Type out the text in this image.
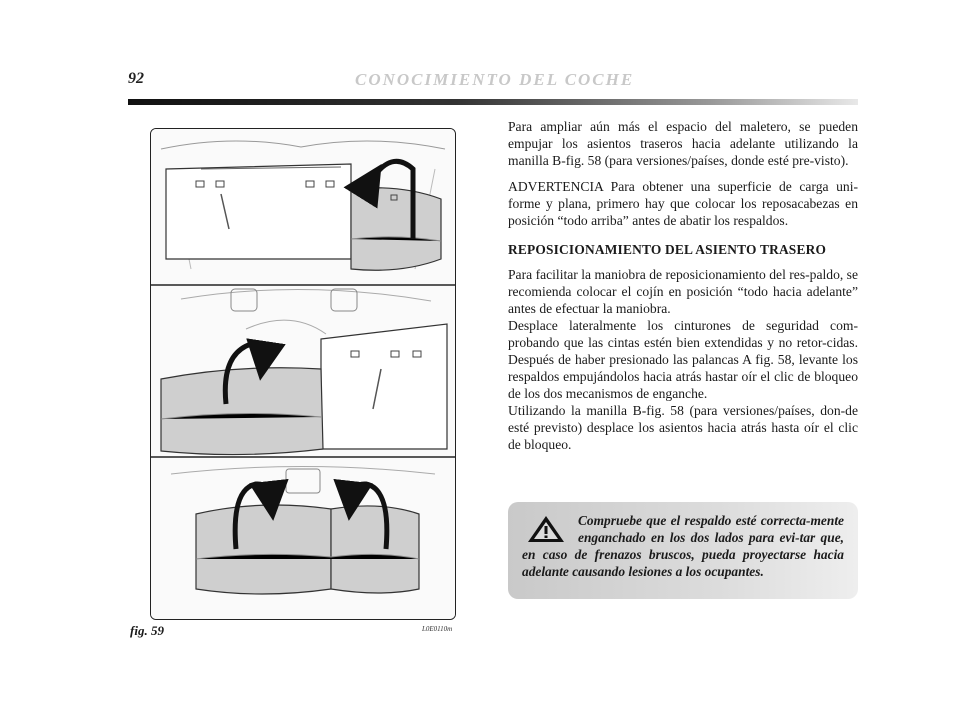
92	CONOCIMIENTO DEL COCHE
fig. 59	L0E0110m

Para ampliar aún más el espacio del maletero, se pueden empujar los asientos traseros hacia adelante utilizando la manilla B-fig. 58 (para versiones/países, donde esté pre-visto).

ADVERTENCIA Para obtener una superficie de carga uni-forme y plana, primero hay que colocar los reposacabezas en posición “todo arriba” antes de abatir los respaldos.

REPOSICIONAMIENTO DEL ASIENTO TRASERO

Para facilitar la maniobra de reposicionamiento del res-paldo, se recomienda colocar el cojín en posición “todo hacia adelante” antes de efectuar la maniobra.

Desplace lateralmente los cinturones de seguridad com-probando que las cintas estén bien extendidas y no retor-cidas. Después de haber presionado las palancas A fig. 58, levante los respaldos empujándolos hacia atrás hastar oír el clic de bloqueo de los dos mecanismos de enganche.

Utilizando la manilla B-fig. 58 (para versiones/países, don-de esté previsto) desplace los asientos hacia atrás hasta oír el clic de bloqueo.

Compruebe que el respaldo esté correcta-mente enganchado en los dos lados para evi-tar que, en caso de frenazos bruscos, pueda proyectarse hacia adelante causando lesiones a los ocupantes.
